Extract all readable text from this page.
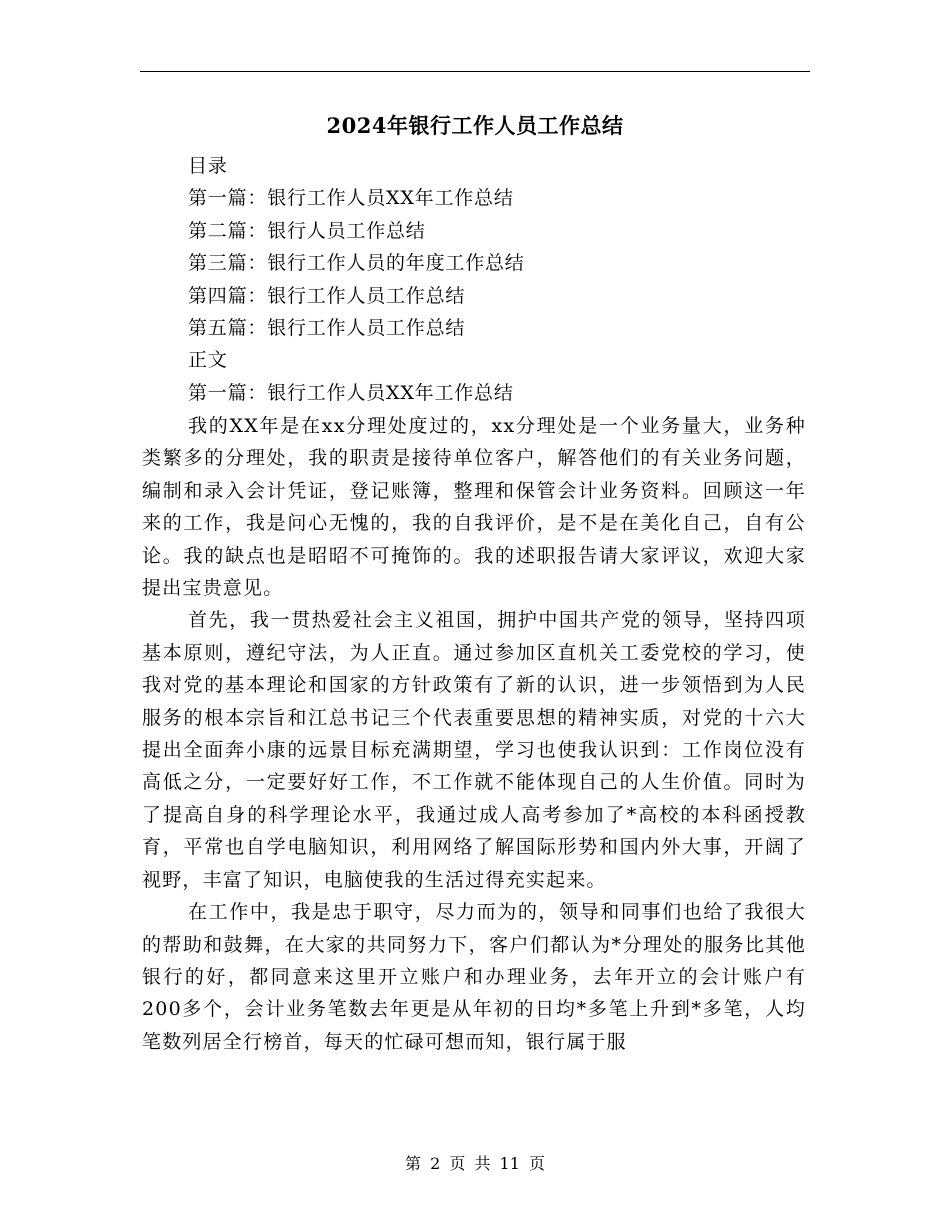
2024年银行工作人员工作总结
目录
第一篇：银行工作人员XX年工作总结
第二篇：银行人员工作总结
第三篇：银行工作人员的年度工作总结
第四篇：银行工作人员工作总结
第五篇：银行工作人员工作总结
正文
第一篇：银行工作人员XX年工作总结

我的XX年是在xx分理处度过的，xx分理处是一个业务量大，业务种类繁多的分理处，我的职责是接待单位客户，解答他们的有关业务问题，编制和录入会计凭证，登记账簿，整理和保管会计业务资料。回顾这一年来的工作，我是问心无愧的，我的自我评价，是不是在美化自己，自有公论。我的缺点也是昭昭不可掩饰的。我的述职报告请大家评议，欢迎大家提出宝贵意见。

首先，我一贯热爱社会主义祖国，拥护中国共产党的领导，坚持四项基本原则，遵纪守法，为人正直。通过参加区直机关工委党校的学习，使我对党的基本理论和国家的方针政策有了新的认识，进一步领悟到为人民服务的根本宗旨和江总书记三个代表重要思想的精神实质，对党的十六大提出全面奔小康的远景目标充满期望，学习也使我认识到：工作岗位没有高低之分，一定要好好工作，不工作就不能体现自己的人生价值。同时为了提高自身的科学理论水平，我通过成人高考参加了*高校的本科函授教育，平常也自学电脑知识，利用网络了解国际形势和国内外大事，开阔了视野，丰富了知识，电脑使我的生活过得充实起来。

在工作中，我是忠于职守，尽力而为的，领导和同事们也给了我很大的帮助和鼓舞，在大家的共同努力下，客户们都认为*分理处的服务比其他银行的好，都同意来这里开立账户和办理业务，去年开立的会计账户有200多个，会计业务笔数去年更是从年初的日均*多笔上升到*多笔，人均笔数列居全行榜首，每天的忙碌可想而知，银行属于服

第 2 页 共 11 页
